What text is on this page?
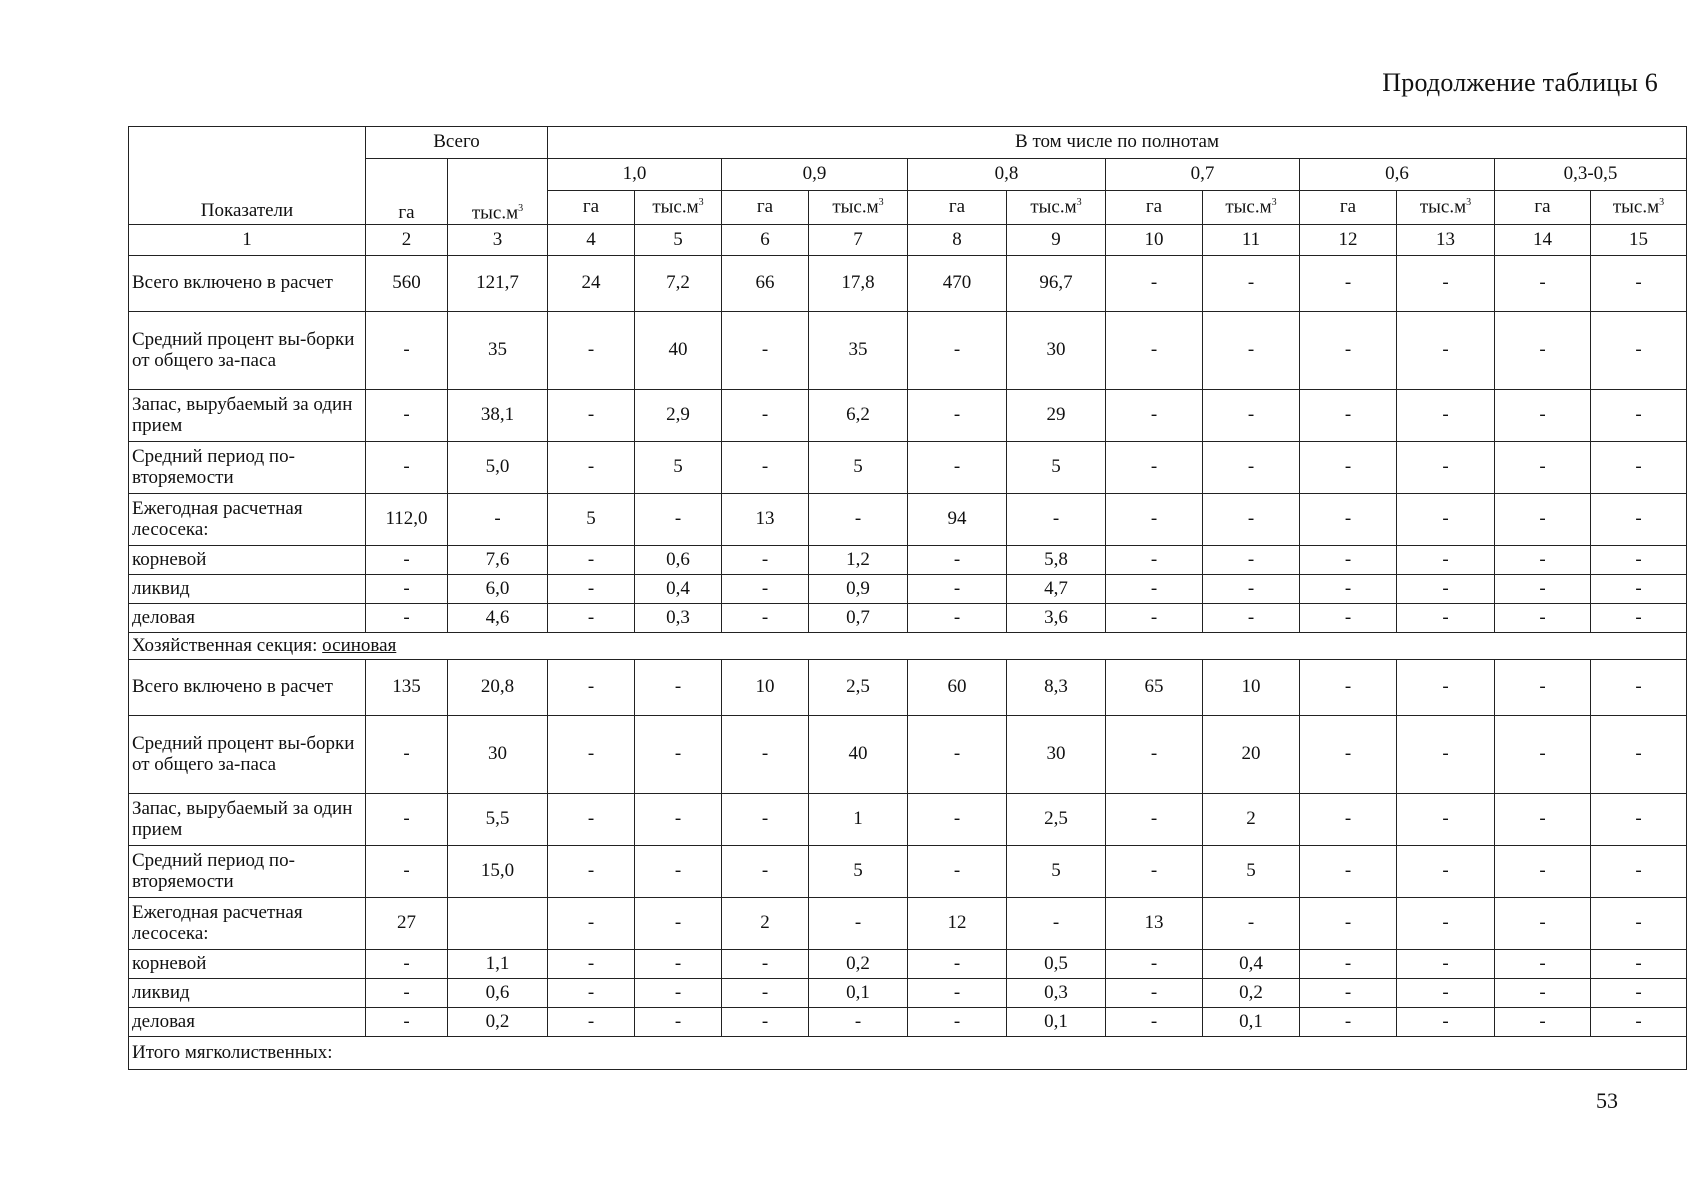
Продолжение таблицы 6
Показатели	Всего		В том числе по полнотам											
	га	$тыс.м^3$	1,0		0,9		0,8		0,7		0,6		0,3-0,5	
			га	$тыс.м^3$	га	$тыс.м^3$	га	$тыс.м^3$	га	$тыс.м^3$	га	$тыс.м^3$	га	$тыс.м^3$
1	2	3	4	5	6	7	8	9	10	11	12	13	14	15
Всего включено в расчет	560	121,7	24	7,2	66	17,8	470	96,7	-	-	-	-	-	-
Средний процент вы-борки от общего за-паса	-	35	-	40	-	35	-	30	-	-	-	-	-	-
Запас, вырубаемый за один прием	-	38,1	-	2,9	-	6,2	-	29	-	-	-	-	-	-
Средний период по-вторяемости	-	5,0	-	5	-	5	-	5	-	-	-	-	-	-
Ежегодная расчетная лесосека:	112,0	-	5	-	13	-	94	-	-	-	-	-	-	-
корневой	-	7,6	-	0,6	-	1,2	-	5,8	-	-	-	-	-	-
ликвид	-	6,0	-	0,4	-	0,9	-	4,7	-	-	-	-	-	-
деловая	-	4,6	-	0,3	-	0,7	-	3,6	-	-	-	-	-	-
Хозяйственная секция: осиновая														
Всего включено в расчет	135	20,8	-	-	10	2,5	60	8,3	65	10	-	-	-	-
Средний процент вы-борки от общего за-паса	-	30	-	-	-	40	-	30	-	20	-	-	-	-
Запас, вырубаемый за один прием	-	5,5	-	-	-	1	-	2,5	-	2	-	-	-	-
Средний период по-вторяемости	-	15,0	-	-	-	5	-	5	-	5	-	-	-	-
Ежегодная расчетная лесосека:	27		-	-	2	-	12	-	13	-	-	-	-	-
корневой	-	1,1	-	-	-	0,2	-	0,5	-	0,4	-	-	-	-
ликвид	-	0,6	-	-	-	0,1	-	0,3	-	0,2	-	-	-	-
деловая	-	0,2	-	-	-	-	-	0,1	-	0,1	-	-	-	-
Итого мягколиственных:														
53
